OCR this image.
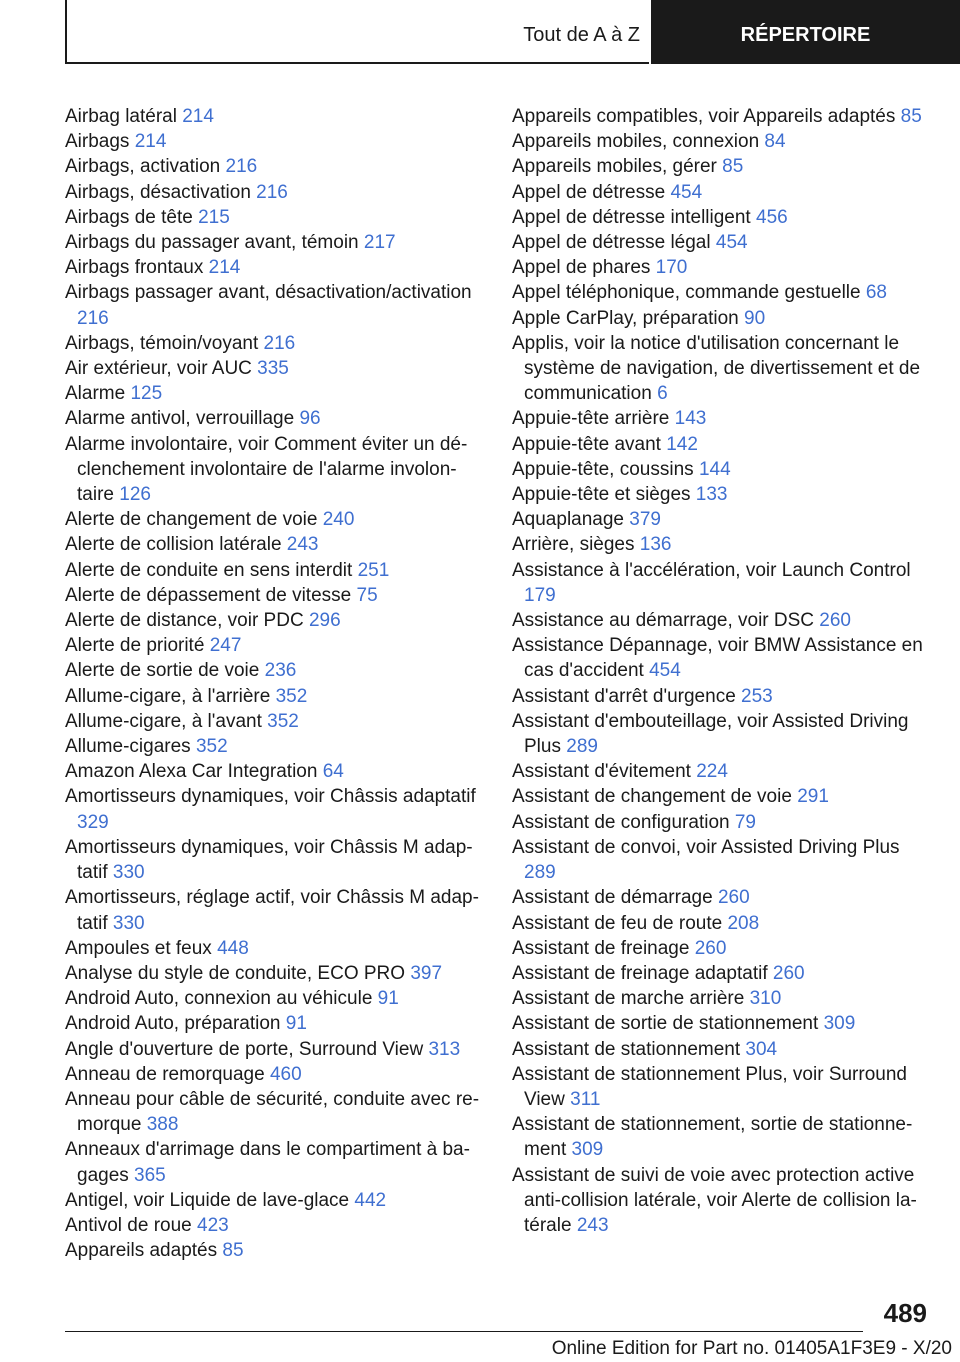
Tout de A à Z	RÉPERTOIRE
Airbag latéral 214
Airbags 214
Airbags, activation 216
Airbags, désactivation 216
Airbags de tête 215
Airbags du passager avant, témoin 217
Airbags frontaux 214
Airbags passager avant, désactivation/activation 216
Airbags, témoin/voyant 216
Air extérieur, voir AUC 335
Alarme 125
Alarme antivol, verrouillage 96
Alarme involontaire, voir Comment éviter un déclenchement involontaire de l'alarme involontaire 126
Alerte de changement de voie 240
Alerte de collision latérale 243
Alerte de conduite en sens interdit 251
Alerte de dépassement de vitesse 75
Alerte de distance, voir PDC 296
Alerte de priorité 247
Alerte de sortie de voie 236
Allume-cigare, à l'arrière 352
Allume-cigare, à l'avant 352
Allume-cigares 352
Amazon Alexa Car Integration 64
Amortisseurs dynamiques, voir Châssis adaptatif 329
Amortisseurs dynamiques, voir Châssis M adaptatif 330
Amortisseurs, réglage actif, voir Châssis M adaptatif 330
Ampoules et feux 448
Analyse du style de conduite, ECO PRO 397
Android Auto, connexion au véhicule 91
Android Auto, préparation 91
Angle d'ouverture de porte, Surround View 313
Anneau de remorquage 460
Anneau pour câble de sécurité, conduite avec remorque 388
Anneaux d'arrimage dans le compartiment à bagages 365
Antigel, voir Liquide de lave-glace 442
Antivol de roue 423
Appareils adaptés 85
Appareils compatibles, voir Appareils adaptés 85
Appareils mobiles, connexion 84
Appareils mobiles, gérer 85
Appel de détresse 454
Appel de détresse intelligent 456
Appel de détresse légal 454
Appel de phares 170
Appel téléphonique, commande gestuelle 68
Apple CarPlay, préparation 90
Applis, voir la notice d'utilisation concernant le système de navigation, de divertissement et de communication 6
Appuie-tête arrière 143
Appuie-tête avant 142
Appuie-tête, coussins 144
Appuie-tête et sièges 133
Aquaplanage 379
Arrière, sièges 136
Assistance à l'accélération, voir Launch Control 179
Assistance au démarrage, voir DSC 260
Assistance Dépannage, voir BMW Assistance en cas d'accident 454
Assistant d'arrêt d'urgence 253
Assistant d'embouteillage, voir Assisted Driving Plus 289
Assistant d'évitement 224
Assistant de changement de voie 291
Assistant de configuration 79
Assistant de convoi, voir Assisted Driving Plus 289
Assistant de démarrage 260
Assistant de feu de route 208
Assistant de freinage 260
Assistant de freinage adaptatif 260
Assistant de marche arrière 310
Assistant de sortie de stationnement 309
Assistant de stationnement 304
Assistant de stationnement Plus, voir Surround View 311
Assistant de stationnement, sortie de stationnement 309
Assistant de suivi de voie avec protection active anti-collision latérale, voir Alerte de collision latérale 243
489
Online Edition for Part no. 01405A1F3E9 - X/20
